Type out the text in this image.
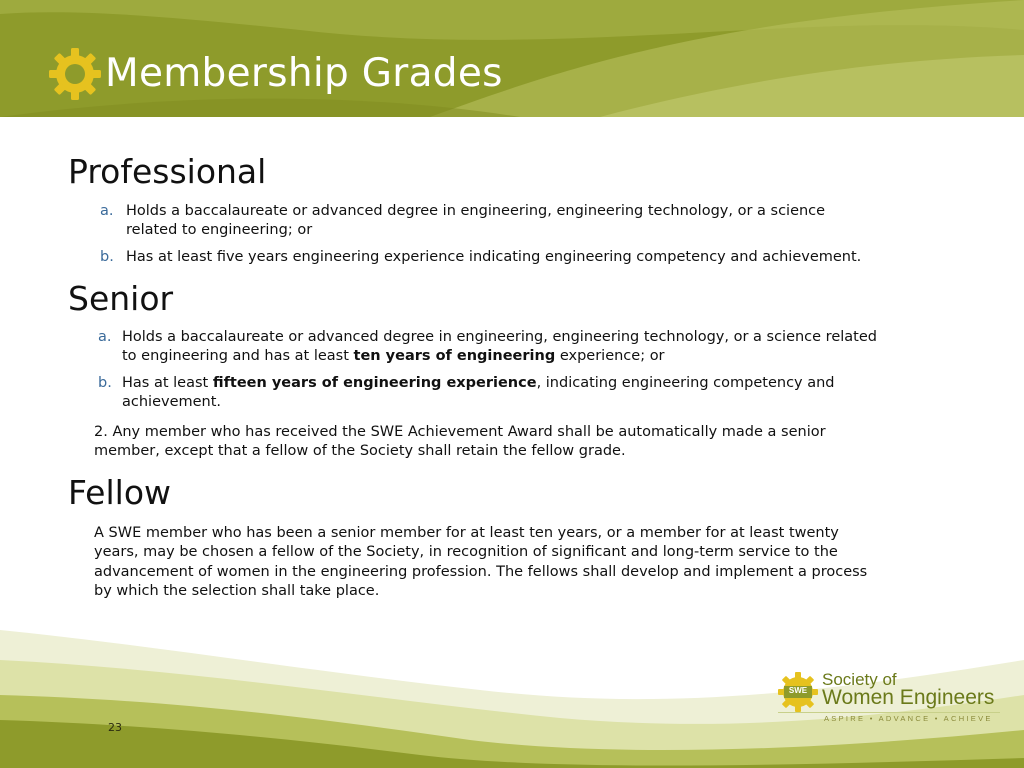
Membership Grades
Professional
a. Holds a baccalaureate or advanced degree in engineering, engineering technology, or a science
related to engineering; or
b. Has at least five years engineering experience indicating engineering competency and achievement.
Senior
a. Holds a baccalaureate or advanced degree in engineering, engineering technology, or a science related
to engineering and has at least ten years of engineering experience; or
b. Has at least fifteen years of engineering experience, indicating engineering competency and
achievement.
2. Any member who has received the SWE Achievement Award shall be automatically made a senior
member, except that a fellow of the Society shall retain the fellow grade.
Fellow
A SWE member who has been a senior member for at least ten years, or a member for at least twenty
years, may be chosen a fellow of the Society, in recognition of significant and long-term service to the
advancement of women in the engineering profession. The fellows shall develop and implement a process
by which the selection shall take place.
23
SWE
Society of
Women Engineers
ASPIRE • ADVANCE • ACHIEVE
